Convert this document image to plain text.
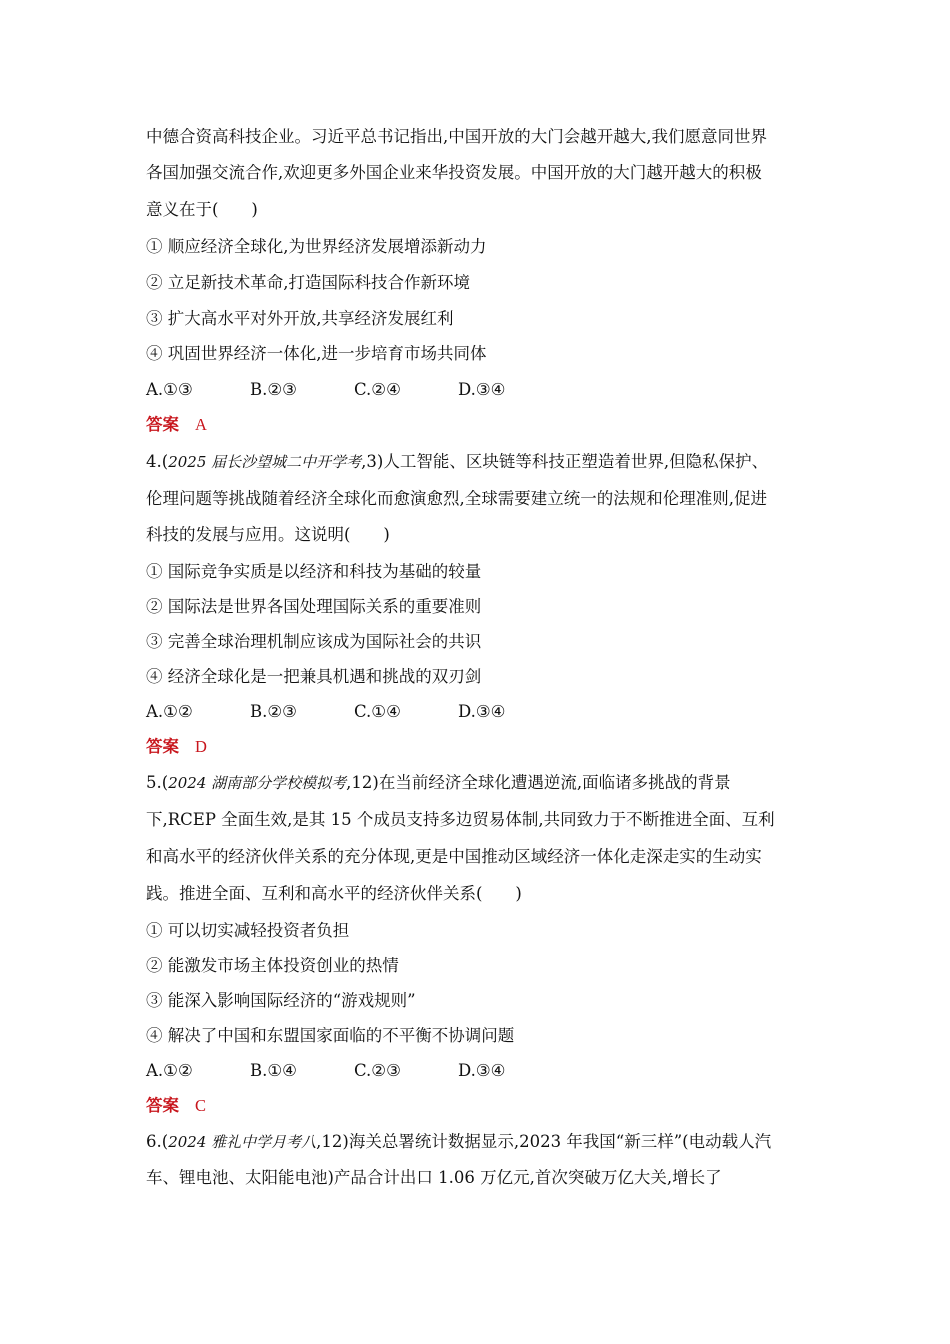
中德合资高科技企业。习近平总书记指出,中国开放的大门会越开越大,我们愿意同世界
各国加强交流合作,欢迎更多外国企业来华投资发展。中国开放的大门越开越大的积极
意义在于(　　)
① 顺应经济全球化,为世界经济发展增添新动力
② 立足新技术革命,打造国际科技合作新环境
③ 扩大高水平对外开放,共享经济发展红利
④ 巩固世界经济一体化,进一步培育市场共同体
A.①③	B.②③	C.②④	D.③④
答案 A
4.(2025 届长沙望城二中开学考,3)人工智能、区块链等科技正塑造着世界,但隐私保护、
伦理问题等挑战随着经济全球化而愈演愈烈,全球需要建立统一的法规和伦理准则,促进
科技的发展与应用。这说明(　　)
① 国际竞争实质是以经济和科技为基础的较量
② 国际法是世界各国处理国际关系的重要准则
③ 完善全球治理机制应该成为国际社会的共识
④ 经济全球化是一把兼具机遇和挑战的双刃剑
A.①②	B.②③	C.①④	D.③④
答案 D
5.(2024 湖南部分学校模拟考,12)在当前经济全球化遭遇逆流,面临诸多挑战的背景
下,RCEP 全面生效,是其 15 个成员支持多边贸易体制,共同致力于不断推进全面、互利
和高水平的经济伙伴关系的充分体现,更是中国推动区域经济一体化走深走实的生动实
践。推进全面、互利和高水平的经济伙伴关系(　　)
① 可以切实减轻投资者负担
② 能激发市场主体投资创业的热情
③ 能深入影响国际经济的“游戏规则”
④ 解决了中国和东盟国家面临的不平衡不协调问题
A.①②	B.①④	C.②③	D.③④
答案 C
6.(2024 雅礼中学月考八,12)海关总署统计数据显示,2023 年我国“新三样”(电动载人汽
车、锂电池、太阳能电池)产品合计出口 1.06 万亿元,首次突破万亿大关,增长了
